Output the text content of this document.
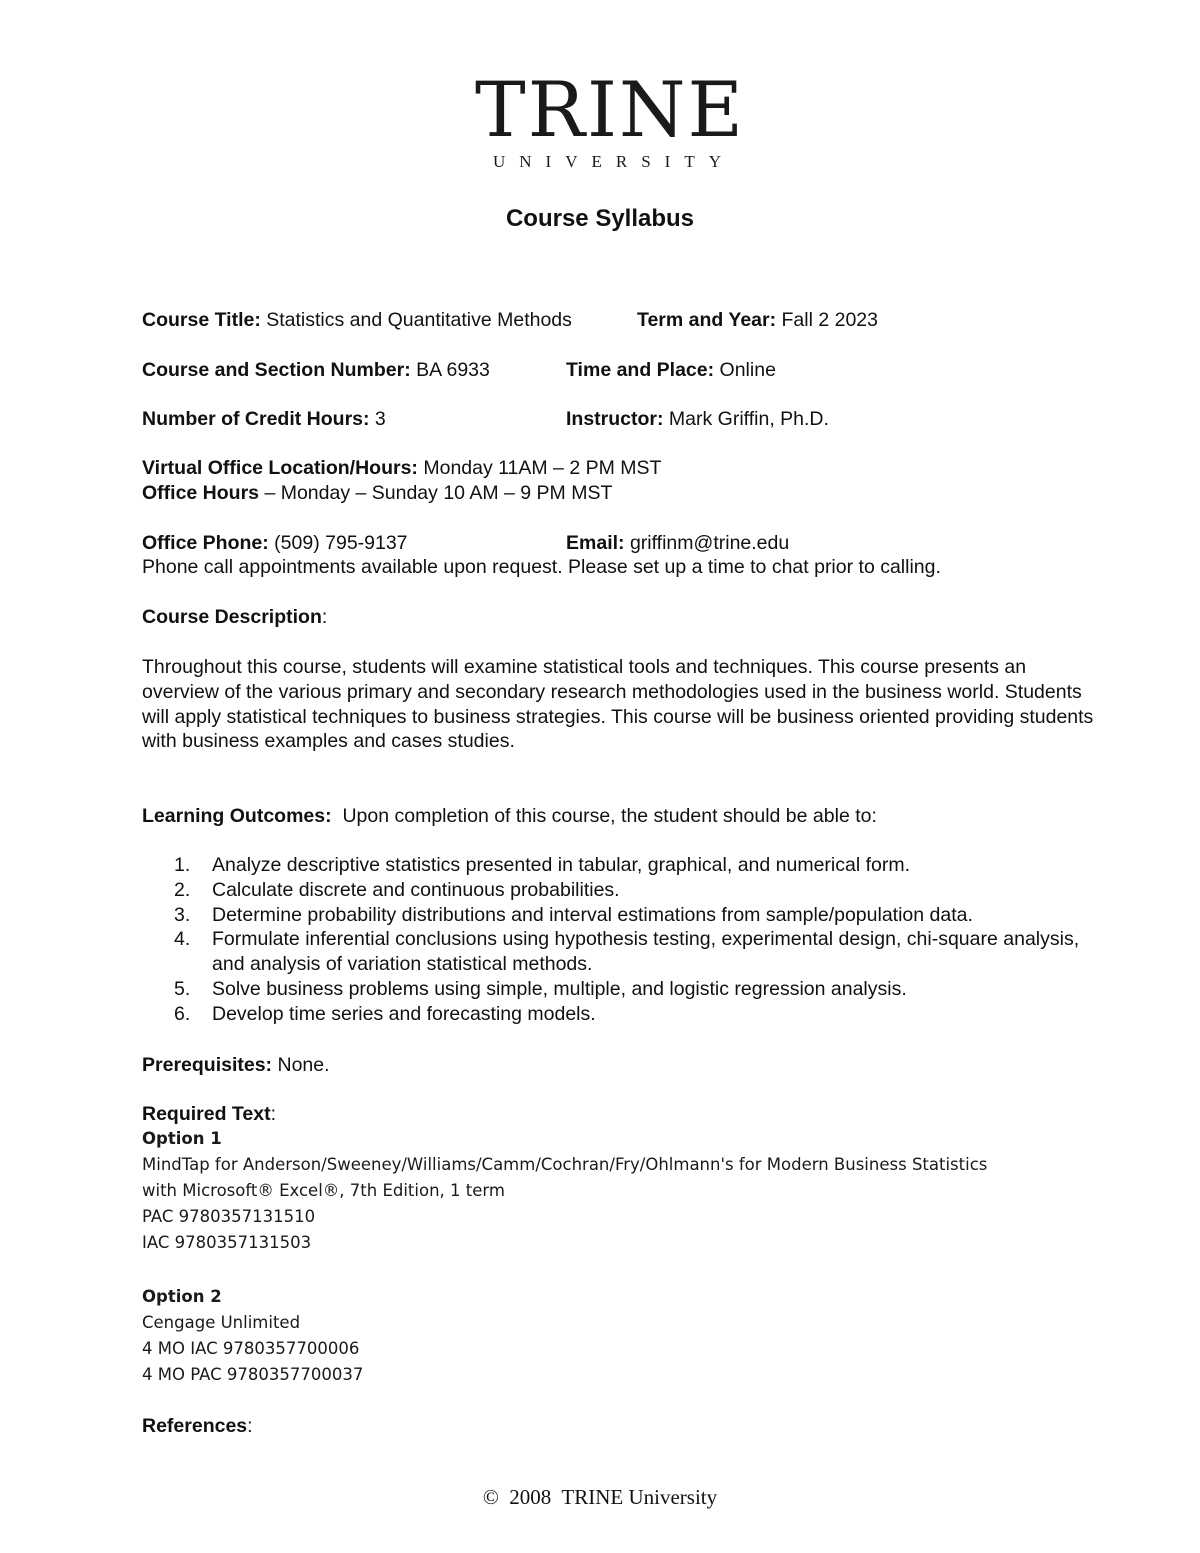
TRINE
UNIVERSITY
Course Syllabus
Course Title: Statistics and Quantitative Methods	Term and Year: Fall 2 2023
Course and Section Number: BA 6933	Time and Place: Online
Number of Credit Hours: 3	Instructor: Mark Griffin, Ph.D.
Virtual Office Location/Hours: Monday 11AM – 2 PM MST
Office Hours – Monday – Sunday 10 AM – 9 PM MST
Office Phone: (509) 795-9137	Email: griffinm@trine.edu
Phone call appointments available upon request. Please set up a time to chat prior to calling.
Course Description:
Throughout this course, students will examine statistical tools and techniques. This course presents an overview of the various primary and secondary research methodologies used in the business world. Students will apply statistical techniques to business strategies. This course will be business oriented providing students with business examples and cases studies.
Learning Outcomes:  Upon completion of this course, the student should be able to:
1. Analyze descriptive statistics presented in tabular, graphical, and numerical form.
2. Calculate discrete and continuous probabilities.
3. Determine probability distributions and interval estimations from sample/population data.
4. Formulate inferential conclusions using hypothesis testing, experimental design, chi-square analysis, and analysis of variation statistical methods.
5. Solve business problems using simple, multiple, and logistic regression analysis.
6. Develop time series and forecasting models.
Prerequisites: None.
Required Text:
Option 1
MindTap for Anderson/Sweeney/Williams/Camm/Cochran/Fry/Ohlmann's for Modern Business Statistics
with Microsoft® Excel®, 7th Edition, 1 term
PAC 9780357131510
IAC 9780357131503
Option 2
Cengage Unlimited
4 MO IAC 9780357700006
4 MO PAC 9780357700037
References:
©  2008  TRINE University
